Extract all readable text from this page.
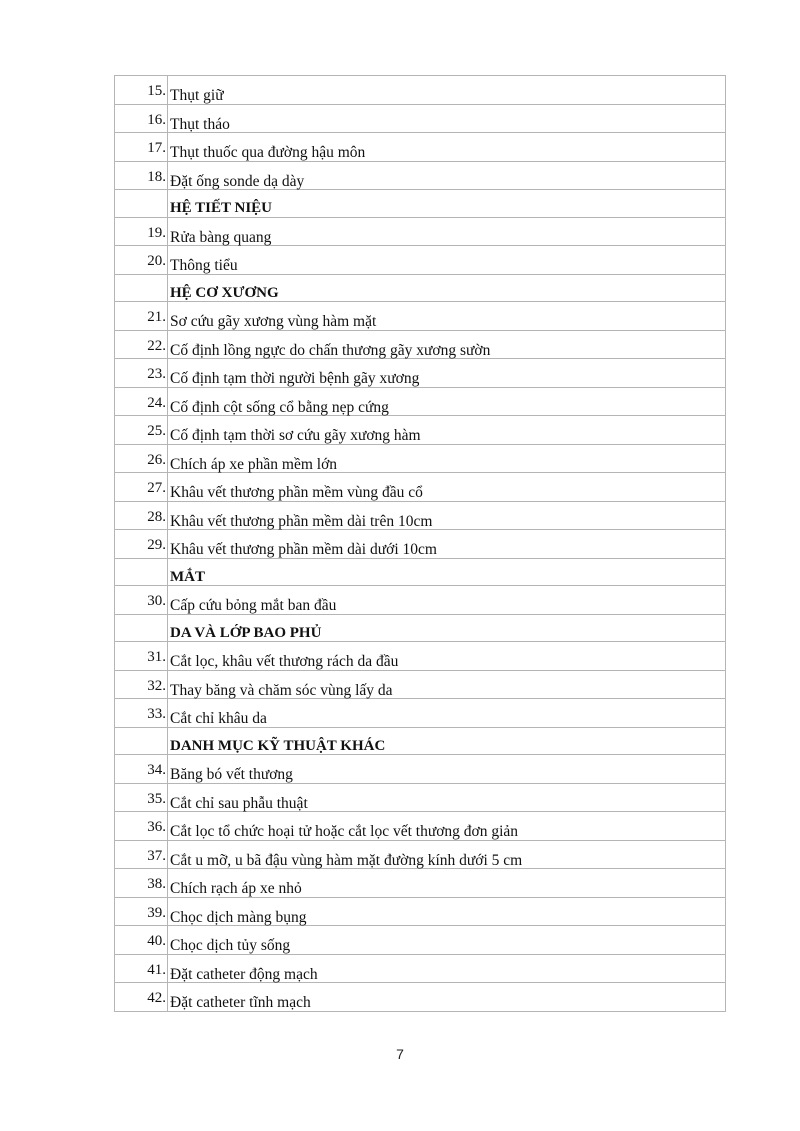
15.	Thụt giữ
16.	Thụt tháo
17.	Thụt thuốc qua đường hậu môn
18.	Đặt ống sonde dạ dày
	HỆ TIẾT NIỆU
19.	Rửa bàng quang
20.	Thông tiểu
	HỆ CƠ XƯƠNG
21.	Sơ cứu gãy xương vùng hàm mặt
22.	Cố định lồng ngực do chấn thương gãy xương sườn
23.	Cố định tạm thời người bệnh gãy xương
24.	Cố định cột sống cổ bằng nẹp cứng
25.	Cố định tạm thời sơ cứu gãy xương hàm
26.	Chích áp xe phần mềm lớn
27.	Khâu vết thương phần mềm vùng đầu cổ
28.	Khâu vết thương phần mềm dài trên 10cm
29.	Khâu vết thương phần mềm dài dưới 10cm
	MẮT
30.	Cấp cứu bỏng mắt ban đầu
	DA VÀ LỚP BAO PHỦ
31.	Cắt lọc, khâu vết thương rách da đầu
32.	Thay băng và chăm sóc vùng lấy da
33.	Cắt chỉ khâu da
	DANH MỤC KỸ THUẬT KHÁC
34.	Băng bó vết thương
35.	Cắt chỉ sau phẫu thuật
36.	Cắt lọc tổ chức hoại tử hoặc cắt lọc vết thương đơn giản
37.	Cắt u mỡ, u bã đậu vùng hàm mặt đường kính dưới 5 cm
38.	Chích rạch áp xe nhỏ
39.	Chọc dịch màng bụng
40.	Chọc dịch tủy sống
41.	Đặt catheter động mạch
42.	Đặt catheter tĩnh mạch
7
